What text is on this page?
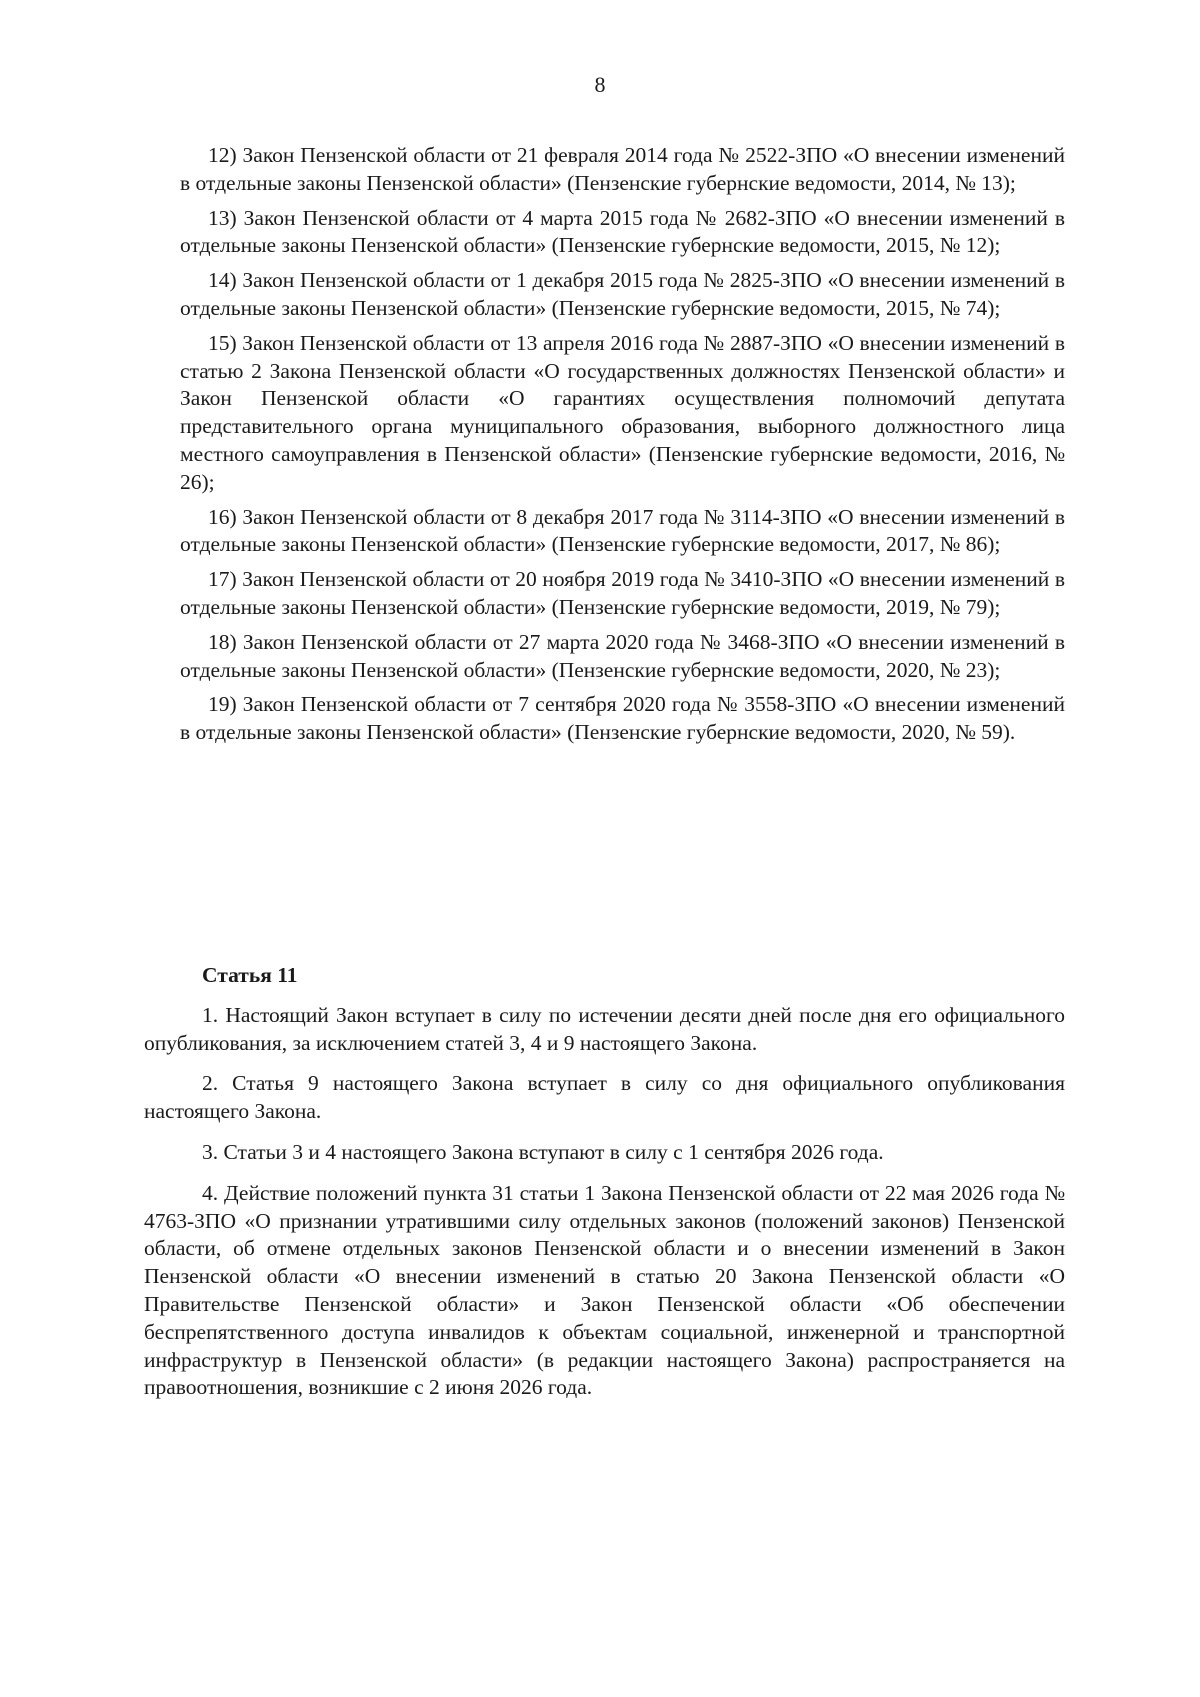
8

12) Закон Пензенской области от 21 февраля 2014 года № 2522-ЗПО «О внесении изменений в отдельные законы Пензенской области» (Пензенские губернские ведомости, 2014, № 13);

13) Закон Пензенской области от 4 марта 2015 года № 2682-ЗПО «О внесении изменений в отдельные законы Пензенской области» (Пензенские губернские ведомости, 2015, № 12);

14) Закон Пензенской области от 1 декабря 2015 года № 2825-ЗПО «О внесении изменений в отдельные законы Пензенской области» (Пензенские губернские ведомости, 2015, № 74);

15) Закон Пензенской области от 13 апреля 2016 года № 2887-ЗПО «О внесении изменений в статью 2 Закона Пензенской области «О государственных должностях Пензенской области» и Закон Пензенской области «О гарантиях осуществления полномочий депутата представительного органа муниципального образования, выборного должностного лица местного самоуправления в Пензенской области» (Пензенские губернские ведомости, 2016, № 26);

16) Закон Пензенской области от 8 декабря 2017 года № 3114-ЗПО «О внесении изменений в отдельные законы Пензенской области» (Пензенские губернские ведомости, 2017, № 86);

17) Закон Пензенской области от 20 ноября 2019 года № 3410-ЗПО «О внесении изменений в отдельные законы Пензенской области» (Пензенские губернские ведомости, 2019, № 79);

18) Закон Пензенской области от 27 марта 2020 года № 3468-ЗПО «О внесении изменений в отдельные законы Пензенской области» (Пензенские губернские ведомости, 2020, № 23);

19) Закон Пензенской области от 7 сентября 2020 года № 3558-ЗПО «О внесении изменений в отдельные законы Пензенской области» (Пензенские губернские ведомости, 2020, № 59).

Статья 11

1. Настоящий Закон вступает в силу по истечении десяти дней после дня его официального опубликования, за исключением статей 3, 4 и 9 настоящего Закона.

2. Статья 9 настоящего Закона вступает в силу со дня официального опубликования настоящего Закона.

3. Статьи 3 и 4 настоящего Закона вступают в силу с 1 сентября 2026 года.

4. Действие положений пункта 31 статьи 1 Закона Пензенской области от 22 мая 2026 года № 4763-ЗПО «О признании утратившими силу отдельных законов (положений законов) Пензенской области, об отмене отдельных законов Пензенской области и о внесении изменений в Закон Пензенской области «О внесении изменений в статью 20 Закона Пензенской области «О Правительстве Пензенской области» и Закон Пензенской области «Об обеспечении беспрепятственного доступа инвалидов к объектам социальной, инженерной и транспортной инфраструктур в Пензенской области» (в редакции настоящего Закона) распространяется на правоотношения, возникшие с 2 июня 2026 года.
